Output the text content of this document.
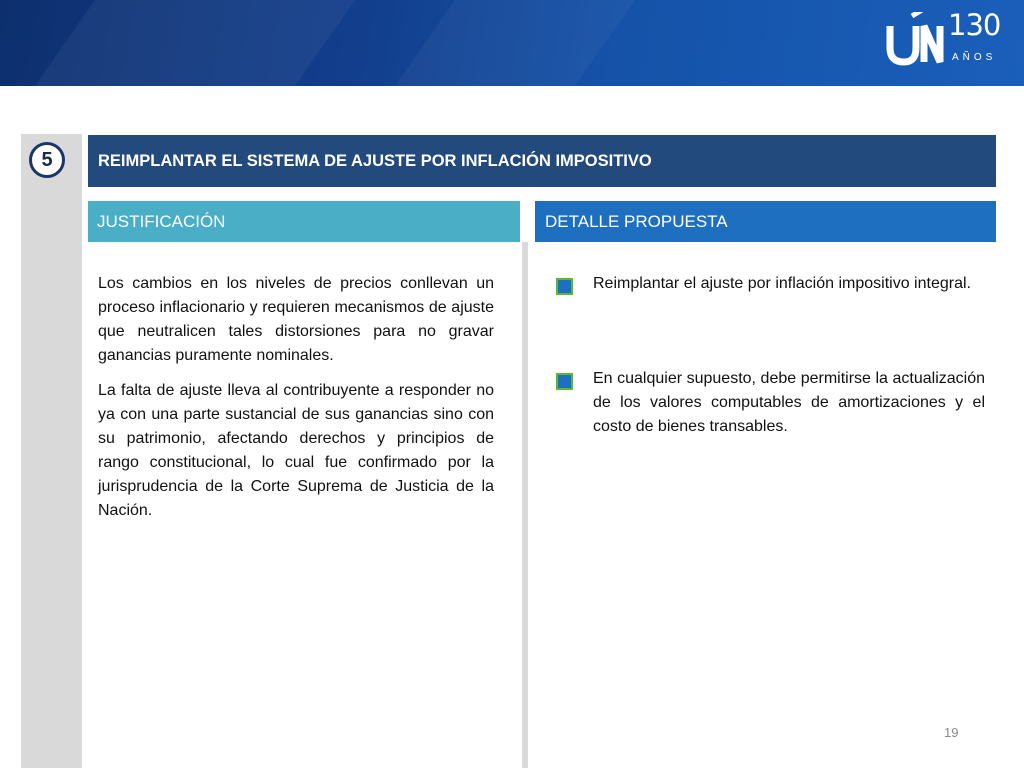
130
AÑOS
5	REIMPLANTAR EL SISTEMA DE AJUSTE POR INFLACIÓN IMPOSITIVO
JUSTIFICACIÓN	DETALLE PROPUESTA

Los cambios en los niveles de precios conllevan un proceso inflacionario y requieren mecanismos de ajuste que neutralicen tales distorsiones para no gravar ganancias puramente nominales.

La falta de ajuste lleva al contribuyente a responder no ya con una parte sustancial de sus ganancias sino con su patrimonio, afectando derechos y principios de rango constitucional, lo cual fue confirmado por la jurisprudencia de la Corte Suprema de Justicia de la Nación.

Reimplantar el ajuste por inflación impositivo integral.
En cualquier supuesto, debe permitirse la actualización de los valores computables de amortizaciones y el costo de bienes transables.
19
